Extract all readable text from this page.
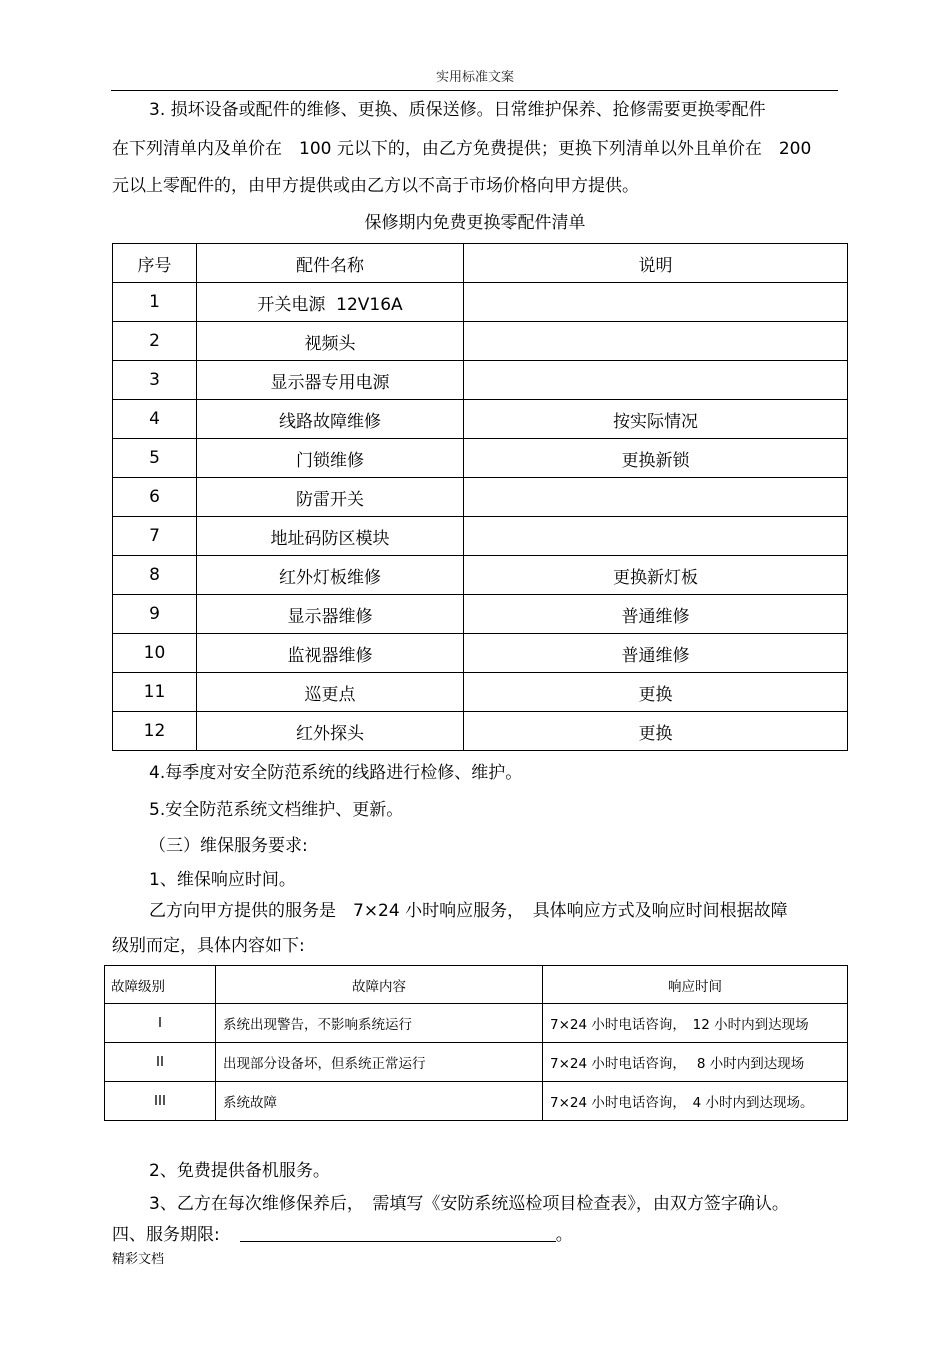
实用标准文案
3. 损坏设备或配件的维修、更换、质保送修。日常维护保养、抢修需要更换零配件
在下列清单内及单价在　100 元以下的，由乙方免费提供；更换下列清单以外且单价在　200
元以上零配件的，由甲方提供或由乙方以不高于市场价格向甲方提供。
保修期内免费更换零配件清单
序号	配件名称	说明
1	开关电源  12V16A	
2	视频头	
3	显示器专用电源	
4	线路故障维修	按实际情况
5	门锁维修	更换新锁
6	防雷开关	
7	地址码防区模块	
8	红外灯板维修	更换新灯板
9	显示器维修	普通维修
10	监视器维修	普通维修
11	巡更点	更换
12	红外探头	更换
4.每季度对安全防范系统的线路进行检修、维护。
5.安全防范系统文档维护、更新。
（三）维保服务要求:
1、维保响应时间。
乙方向甲方提供的服务是　7×24 小时响应服务，　具体响应方式及响应时间根据故障
级别而定，具体内容如下:
故障级别	故障内容	响应时间
I	系统出现警告，不影响系统运行	7×24 小时电话咨询，　12 小时内到达现场
II	出现部分设备坏，但系统正常运行	7×24 小时电话咨询，　 8 小时内到达现场
III	系统故障	7×24 小时电话咨询，　4 小时内到达现场。
2、免费提供备机服务。
3、乙方在每次维修保养后，　需填写《安防系统巡检项目检查表》，由双方签字确认。
四、服务期限:	。
精彩文档
